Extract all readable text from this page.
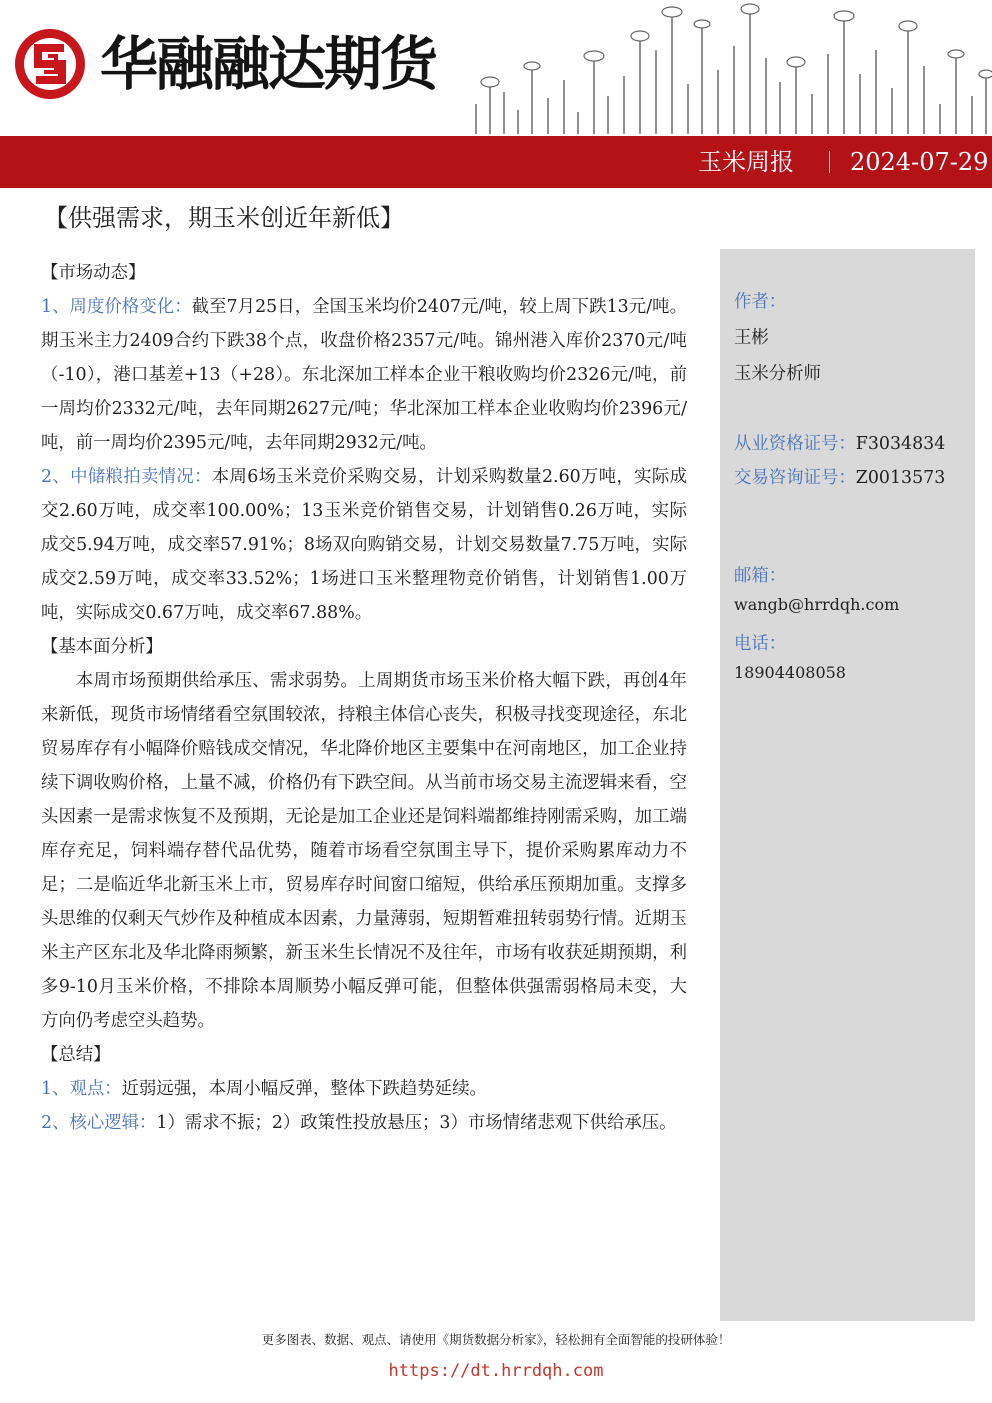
华融融达期货
玉米周报 2024-07-29
【供强需求，期玉米创近年新低】

【市场动态】

1、周度价格变化：截至7月25日，全国玉米均价2407元/吨，较上周下跌13元/吨。期玉米主力2409合约下跌38个点，收盘价格2357元/吨。锦州港入库价2370元/吨（-10），港口基差+13（+28）。东北深加工样本企业干粮收购均价2326元/吨，前一周均价2332元/吨，去年同期2627元/吨；华北深加工样本企业收购均价2396元/吨，前一周均价2395元/吨，去年同期2932元/吨。

2、中储粮拍卖情况：本周6场玉米竞价采购交易，计划采购数量2.60万吨，实际成交2.60万吨，成交率100.00%；13玉米竞价销售交易，计划销售0.26万吨，实际成交5.94万吨，成交率57.91%；8场双向购销交易，计划交易数量7.75万吨，实际成交2.59万吨，成交率33.52%；1场进口玉米整理物竞价销售，计划销售1.00万吨，实际成交0.67万吨，成交率67.88%。

【基本面分析】

本周市场预期供给承压、需求弱势。上周期货市场玉米价格大幅下跌，再创4年来新低，现货市场情绪看空氛围较浓，持粮主体信心丧失，积极寻找变现途径，东北贸易库存有小幅降价赔钱成交情况，华北降价地区主要集中在河南地区，加工企业持续下调收购价格，上量不减，价格仍有下跌空间。从当前市场交易主流逻辑来看，空头因素一是需求恢复不及预期，无论是加工企业还是饲料端都维持刚需采购，加工端库存充足，饲料端存替代品优势，随着市场看空氛围主导下，提价采购累库动力不足；二是临近华北新玉米上市，贸易库存时间窗口缩短，供给承压预期加重。支撑多头思维的仅剩天气炒作及种植成本因素，力量薄弱，短期暂难扭转弱势行情。近期玉米主产区东北及华北降雨频繁，新玉米生长情况不及往年，市场有收获延期预期，利多9-10月玉米价格，不排除本周顺势小幅反弹可能，但整体供强需弱格局未变，大方向仍考虑空头趋势。

【总结】

1、观点：近弱远强，本周小幅反弹，整体下跌趋势延续。

2、核心逻辑：1）需求不振；2）政策性投放悬压；3）市场情绪悲观下供给承压。

作者：
王彬
玉米分析师
从业资格证号：F3034834
交易咨询证号：Z0013573
邮箱：
wangb@hrrdqh.com
电话：
18904408058
更多图表、数据、观点、请使用《期货数据分析家》，轻松拥有全面智能的投研体验！
https://dt.hrrdqh.com
